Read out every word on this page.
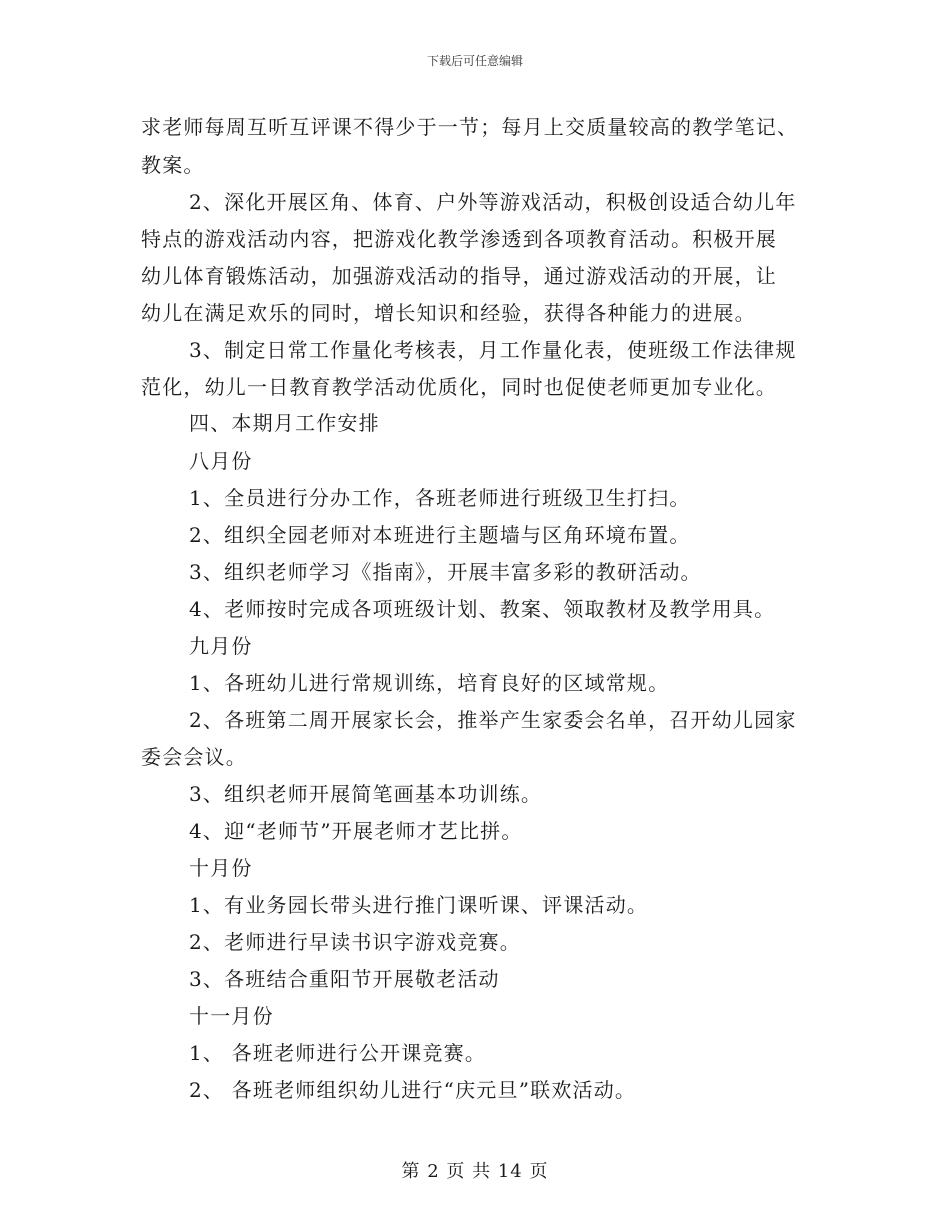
下载后可任意编辑
求老师每周互听互评课不得少于一节；每月上交质量较高的教学笔记、
教案。
2、深化开展区角、体育、户外等游戏活动，积极创设适合幼儿年
特点的游戏活动内容，把游戏化教学渗透到各项教育活动。积极开展
幼儿体育锻炼活动，加强游戏活动的指导，通过游戏活动的开展，让
幼儿在满足欢乐的同时，增长知识和经验，获得各种能力的进展。
3、制定日常工作量化考核表，月工作量化表，使班级工作法律规
范化，幼儿一日教育教学活动优质化，同时也促使老师更加专业化。
四、本期月工作安排
八月份
1、全员进行分办工作，各班老师进行班级卫生打扫。
2、组织全园老师对本班进行主题墙与区角环境布置。
3、组织老师学习《指南》，开展丰富多彩的教研活动。
4、老师按时完成各项班级计划、教案、领取教材及教学用具。
九月份
1、各班幼儿进行常规训练，培育良好的区域常规。
2、各班第二周开展家长会，推举产生家委会名单，召开幼儿园家
委会会议。
3、组织老师开展简笔画基本功训练。
4、迎“老师节”开展老师才艺比拼。
十月份
1、有业务园长带头进行推门课听课、评课活动。
2、老师进行早读书识字游戏竞赛。
3、各班结合重阳节开展敬老活动
十一月份
1、 各班老师进行公开课竞赛。
2、 各班老师组织幼儿进行“庆元旦”联欢活动。
第 2 页 共 14 页
